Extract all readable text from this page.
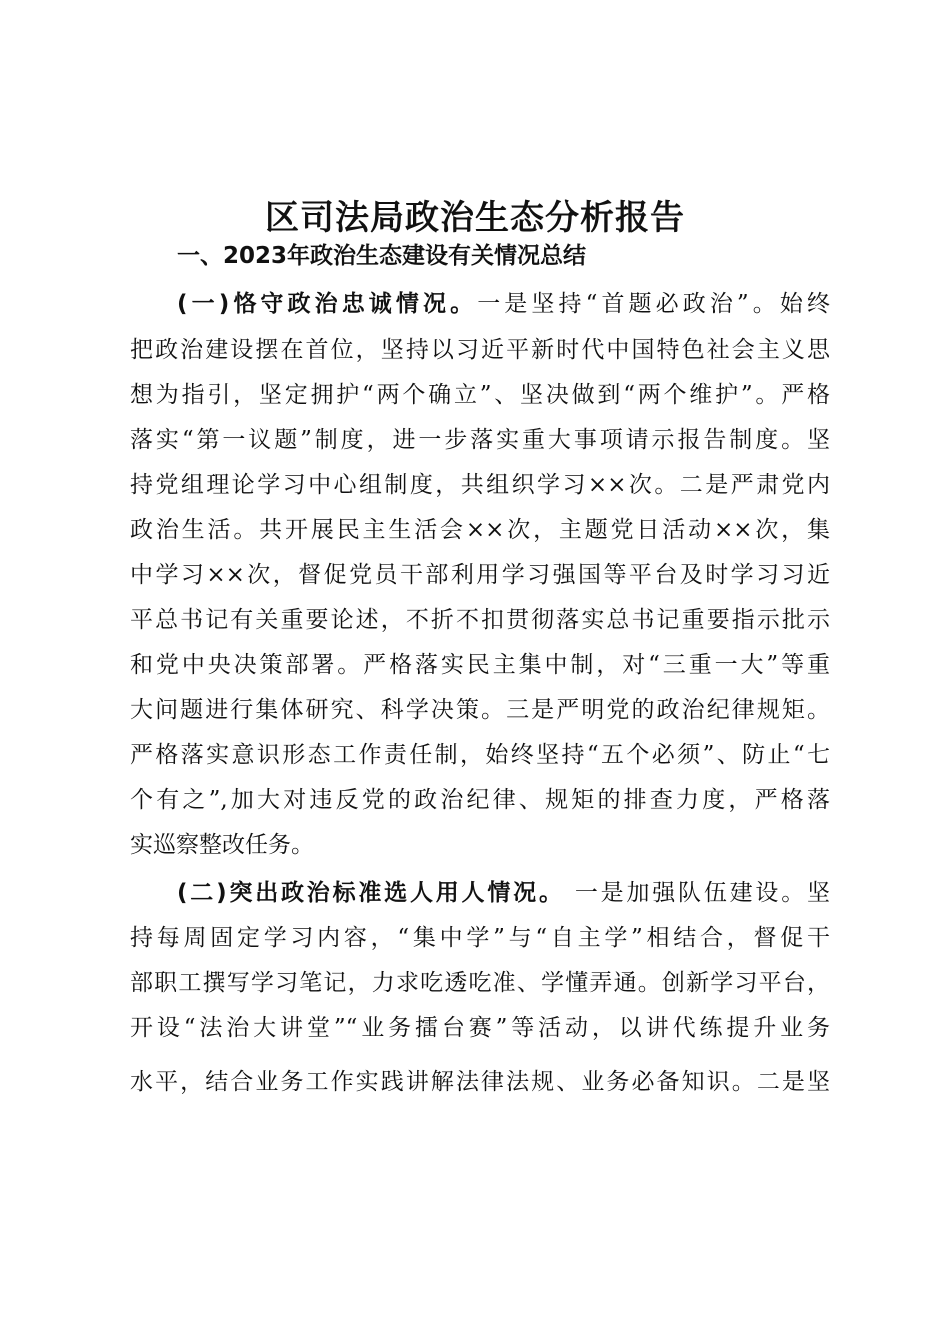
区司法局政治生态分析报告
一、2023年政治生态建设有关情况总结
(一)恪守政治忠诚情况。一是坚持“首题必政治”。始终
把政治建设摆在首位，坚持以习近平新时代中国特色社会主义思
想为指引，坚定拥护“两个确立”、坚决做到“两个维护”。严格
落实“第一议题”制度，进一步落实重大事项请示报告制度。坚
持党组理论学习中心组制度，共组织学习××次。二是严肃党内
政治生活。共开展民主生活会××次，主题党日活动××次，集
中学习××次，督促党员干部利用学习强国等平台及时学习习近
平总书记有关重要论述，不折不扣贯彻落实总书记重要指示批示
和党中央决策部署。严格落实民主集中制，对“三重一大”等重
大问题进行集体研究、科学决策。三是严明党的政治纪律规矩。
严格落实意识形态工作责任制，始终坚持“五个必须”、防止“七
个有之”,加大对违反党的政治纪律、规矩的排查力度，严格落
实巡察整改任务。
(二)突出政治标准选人用人情况。 一是加强队伍建设。坚
持每周固定学习内容，“集中学”与“自主学”相结合，督促干
部职工撰写学习笔记，力求吃透吃准、学懂弄通。创新学习平台，
开设“法治大讲堂”“业务擂台赛”等活动，以讲代练提升业务
水平，结合业务工作实践讲解法律法规、业务必备知识。二是坚
